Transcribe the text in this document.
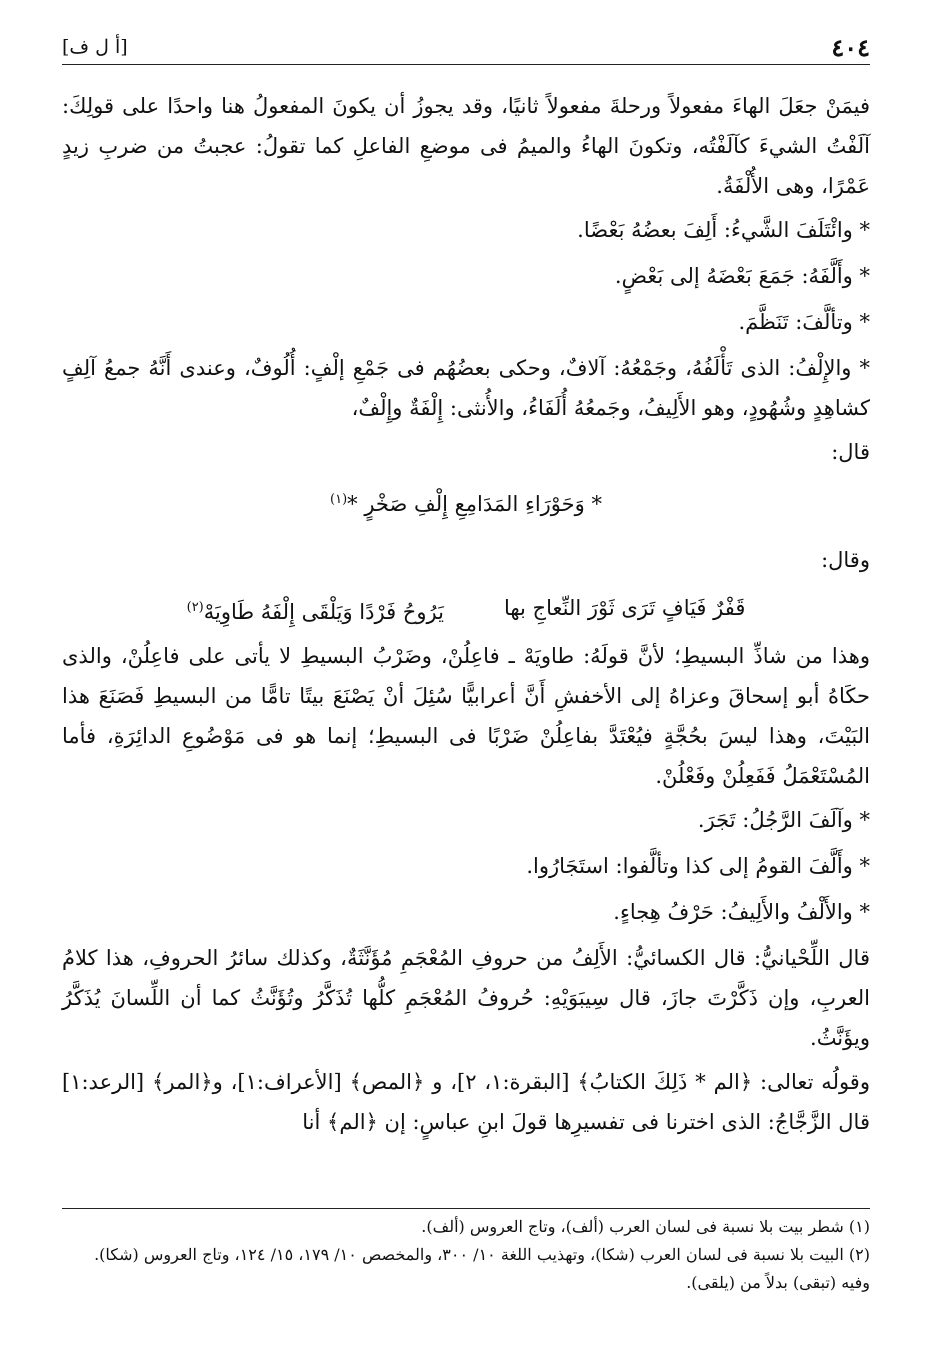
[أ ل ف]	٤٠٤

فيمَنْ جعَلَ الهاءَ مفعولاً ورحلةَ مفعولاً ثانيًا، وقد يجوزُ أن يكونَ المفعولُ هنا واحدًا على قولِكَ: آلَفْتُ الشيءَ كآلَفْتُه، وتكونَ الهاءُ والميمُ فى موضعِ الفاعلِ كما تقولُ: عجبتُ من ضربِ زيدٍ عَمْرًا، وهى الأُلْفَةُ.

* وائْتَلَفَ الشَّيءُ: أَلِفَ بعضُهُ بَعْضًا.

* وأَلَّفَهُ: جَمَعَ بَعْضَهُ إلى بَعْضٍ.

* وتألَّفَ: تَنَظَّمَ.

* والإِلْفُ: الذى تَأْلَفُهُ، وجَمْعُهُ: آلافٌ، وحكى بعضُهُم فى جَمْعِ إلْفٍ: أُلُوفٌ، وعندى أَنَّهُ جمعُ آلِفٍ كشاهِدٍ وشُهُودٍ، وهو الأَلِيفُ، وجَمعُهُ أُلَفَاءُ، والأُنثى: إِلْفَةٌ وإِلْفٌ،

قال:

* وَحَوْرَاءِ المَدَامِعِ إِلْفِ صَخْرٍ *$^{(١)}$

وقال:

قَفْرٌ فَيَافٍ تَرَى ثَوْرَ النِّعاجِ بها
يَرُوحُ فَرْدًا وَيَلْقَى إِلْفَهُ طَاوِيَهْ$^{(٢)}$

وهذا من شاذِّ البسيطِ؛ لأنَّ قولَهُ: طاويَهْ ـ فاعِلُنْ، وضَرْبُ البسيطِ لا يأتى على فاعِلُنْ، والذى حكَاهُ أبو إسحاقَ وعزاهُ إلى الأخفشِ أَنَّ أعرابيًّا سُئِلَ أنْ يَصْنَعَ بيتًا تامًّا من البسيطِ فَصَنَعَ هذا البَيْتَ، وهذا ليسَ بحُجَّةٍ فيُعْتَدَّ بفاعِلُنْ ضَرْبًا فى البسيطِ؛ إنما هو فى مَوْضُوعِ الدائِرَةِ، فأما المُسْتَعْمَلُ فَفَعِلُنْ وفَعْلُنْ.

* وآلَفَ الرَّجُلُ: تَجَرَ.

* وأَلَّفَ القومُ إلى كذا وتألَّفوا: استَجَارُوا.

* والأَلْفُ والأَلِيفُ: حَرْفُ هِجاءٍ.

قال اللِّحْيانيُّ: قال الكسائيُّ: الأَلِفُ من حروفِ المُعْجَمِ مُؤَنَّثَةٌ، وكذلك سائرُ الحروفِ، هذا كلامُ العربِ، وإن ذَكَّرْتَ جازَ، قال سِيبَوَيْهِ: حُروفُ المُعْجَمِ كلُّها تُذَكَّرُ وتُؤَنَّثُ كما أن اللِّسانَ يُذَكَّرُ ويؤَنَّثُ.

وقولُه تعالى: ﴿الم * ذَلِكَ الكتابُ﴾ [البقرة:١، ٢]، و ﴿المص﴾ [الأعراف:١]، و﴿المر﴾ [الرعد:١] قال الزَّجَّاجُ: الذى اخترنا فى تفسيرِها قولَ ابنِ عباسٍ: إن ﴿الم﴾ أنا

(١) شطر بيت بلا نسبة فى لسان العرب (ألف)، وتاج العروس (ألف).

(٢) البيت بلا نسبة فى لسان العرب (شكا)، وتهذيب اللغة ١٠/ ٣٠٠، والمخصص ١٠/ ١٧٩، ١٥/ ١٢٤، وتاج العروس (شكا). وفيه (تبقى) بدلاً من (يلقى).
